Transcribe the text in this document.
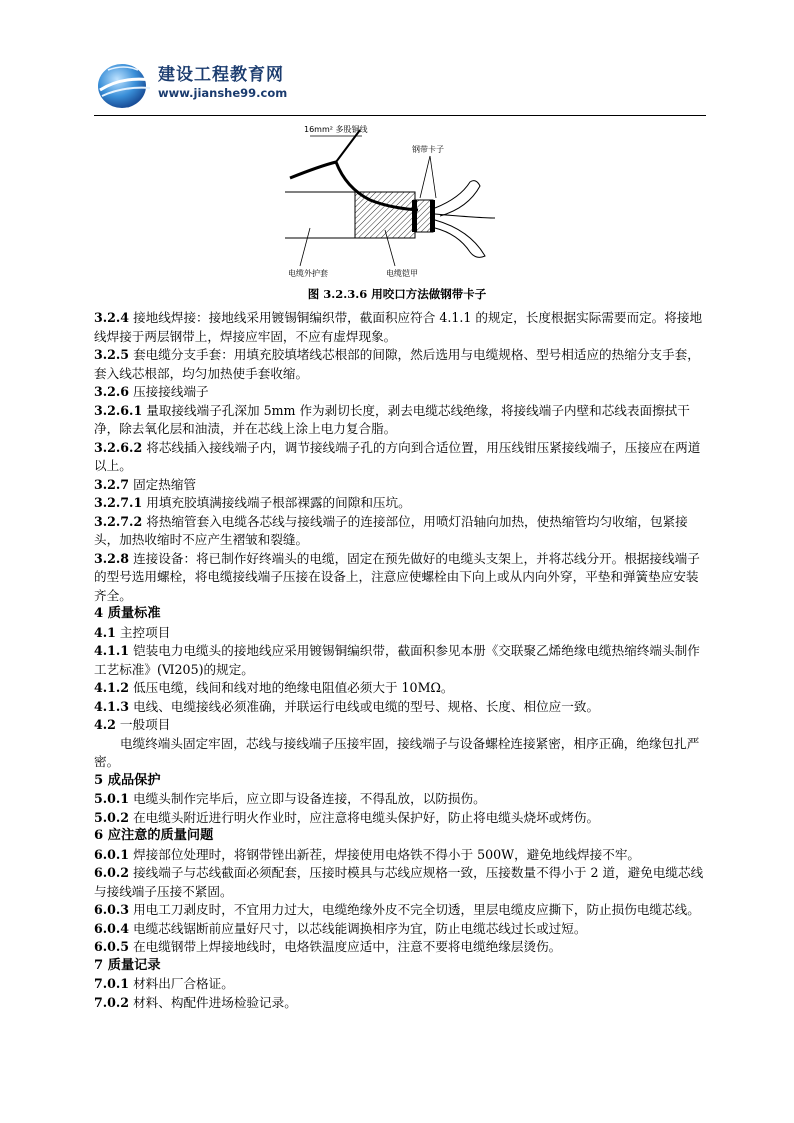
建设工程教育网
www.jianshe99.com
16mm² 多股铜线
钢带卡子
电缆外护套	电缆铠甲
图 3.2.3.6 用咬口方法做钢带卡子

3.2.4 接地线焊接：接地线采用镀锡铜编织带，截面积应符合 4.1.1 的规定，长度根据实际需要而定。将接地线焊接于两层钢带上，焊接应牢固，不应有虚焊现象。

3.2.5 套电缆分支手套：用填充胶填堵线芯根部的间隙，然后选用与电缆规格、型号相适应的热缩分支手套，套入线芯根部，均匀加热使手套收缩。

3.2.6 压接接线端子

3.2.6.1 量取接线端子孔深加 5mm 作为剥切长度，剥去电缆芯线绝缘，将接线端子内壁和芯线表面擦拭干净，除去氧化层和油渍，并在芯线上涂上电力复合脂。

3.2.6.2 将芯线插入接线端子内，调节接线端子孔的方向到合适位置，用压线钳压紧接线端子，压接应在两道以上。

3.2.7 固定热缩管

3.2.7.1 用填充胶填满接线端子根部裸露的间隙和压坑。

3.2.7.2 将热缩管套入电缆各芯线与接线端子的连接部位，用喷灯沿轴向加热，使热缩管均匀收缩，包紧接头，加热收缩时不应产生褶皱和裂缝。

3.2.8 连接设备：将已制作好终端头的电缆，固定在预先做好的电缆头支架上，并将芯线分开。根据接线端子的型号选用螺栓，将电缆接线端子压接在设备上，注意应使螺栓由下向上或从内向外穿，平垫和弹簧垫应安装齐全。

4 质量标准

4.1 主控项目

4.1.1 铠装电力电缆头的接地线应采用镀锡铜编织带，截面积参见本册《交联聚乙烯绝缘电缆热缩终端头制作工艺标准》(Ⅵ205)的规定。

4.1.2 低压电缆，线间和线对地的绝缘电阻值必须大于 10MΩ。

4.1.3 电线、电缆接线必须准确，并联运行电线或电缆的型号、规格、长度、相位应一致。

4.2 一般项目

电缆终端头固定牢固，芯线与接线端子压接牢固，接线端子与设备螺栓连接紧密，相序正确，绝缘包扎严密。

5 成品保护

5.0.1 电缆头制作完毕后，应立即与设备连接，不得乱放，以防损伤。

5.0.2 在电缆头附近进行明火作业时，应注意将电缆头保护好，防止将电缆头烧坏或烤伤。

6 应注意的质量问题

6.0.1 焊接部位处理时，将钢带锉出新茬，焊接使用电烙铁不得小于 500W，避免地线焊接不牢。

6.0.2 接线端子与芯线截面必须配套，压接时模具与芯线应规格一致，压接数量不得小于 2 道，避免电缆芯线与接线端子压接不紧固。

6.0.3 用电工刀剥皮时，不宜用力过大，电缆绝缘外皮不完全切透，里层电缆皮应撕下，防止损伤电缆芯线。

6.0.4 电缆芯线锯断前应量好尺寸，以芯线能调换相序为宜，防止电缆芯线过长或过短。

6.0.5 在电缆钢带上焊接地线时，电烙铁温度应适中，注意不要将电缆绝缘层烫伤。

7 质量记录

7.0.1 材料出厂合格证。

7.0.2 材料、构配件进场检验记录。
